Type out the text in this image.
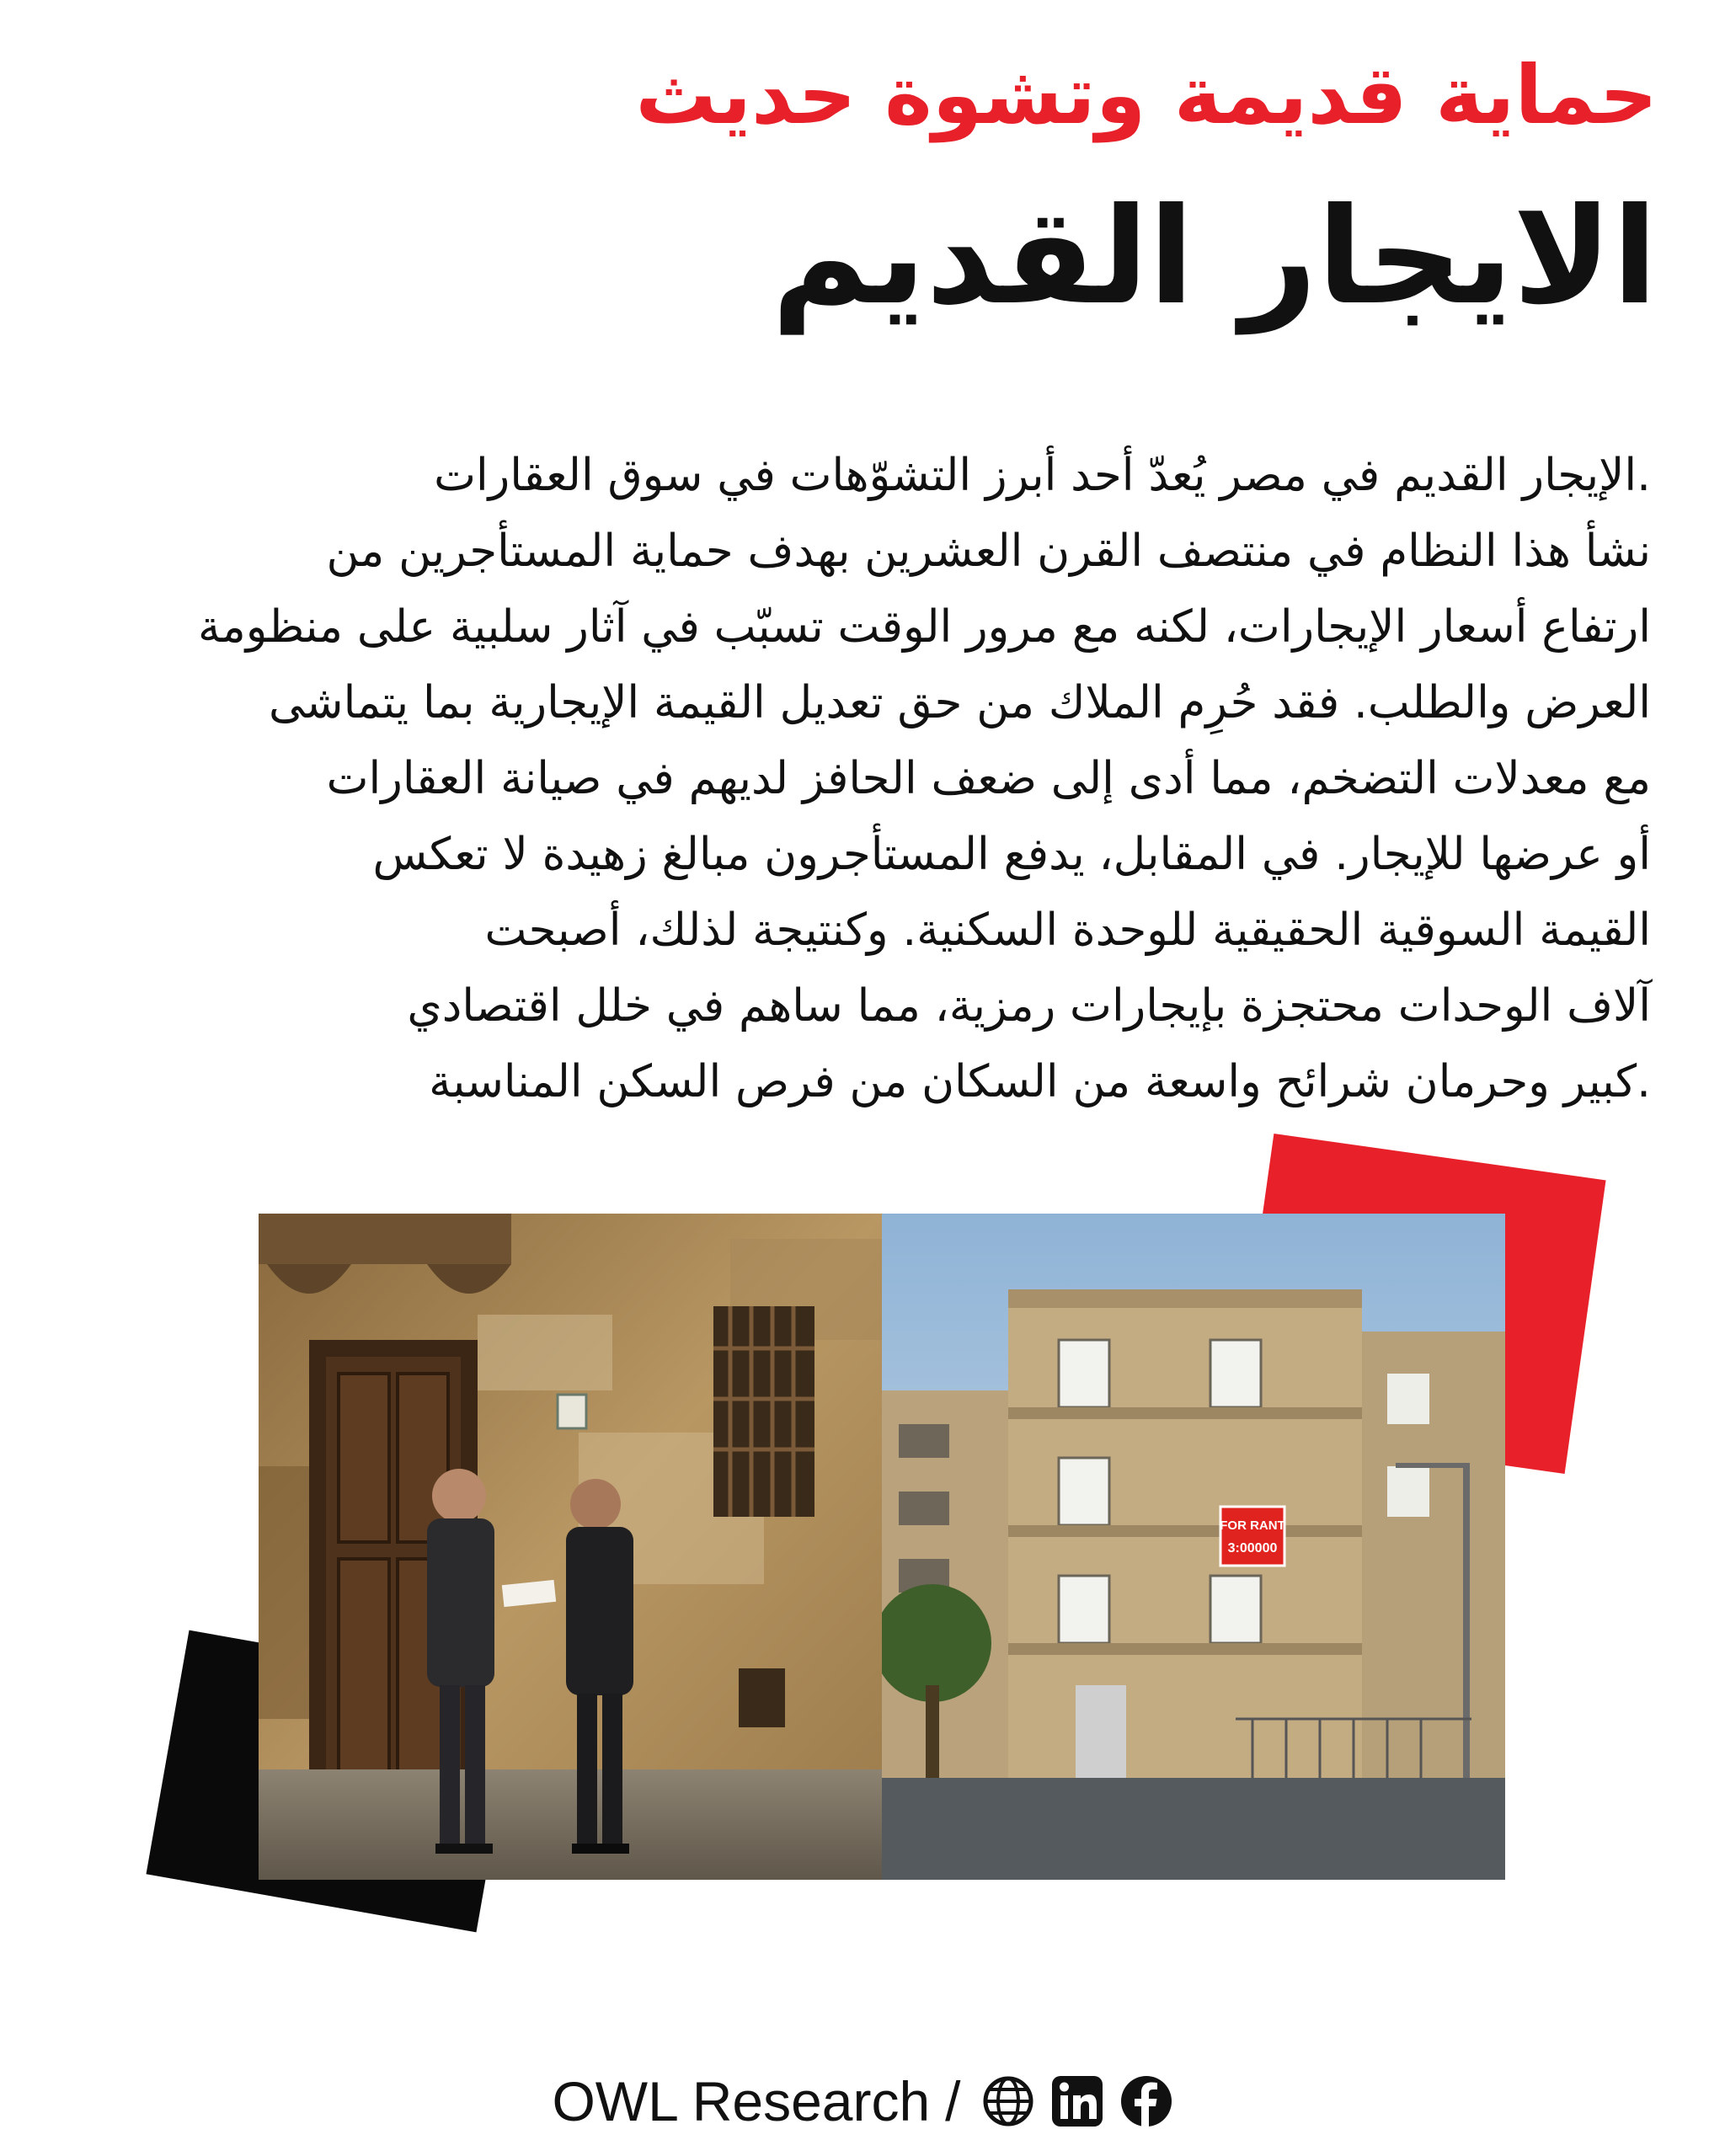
حماية قديمة وتشوة حديث
الايجار القديم
.الإيجار القديم في مصر يُعدّ أحد أبرز التشوّهات في سوق العقارات
نشأ هذا النظام في منتصف القرن العشرين بهدف حماية المستأجرين من
ارتفاع أسعار الإيجارات، لكنه مع مرور الوقت تسبّب في آثار سلبية على منظومة
العرض والطلب. فقد حُرِم الملاك من حق تعديل القيمة الإيجارية بما يتماشى
مع معدلات التضخم، مما أدى إلى ضعف الحافز لديهم في صيانة العقارات
أو عرضها للإيجار. في المقابل، يدفع المستأجرون مبالغ زهيدة لا تعكس
القيمة السوقية الحقيقية للوحدة السكنية. وكنتيجة لذلك، أصبحت
آلاف الوحدات محتجزة بإيجارات رمزية، مما ساهم في خلل اقتصادي
.كبير وحرمان شرائح واسعة من السكان من فرص السكن المناسبة
FOR RANT
3:00000
OWL Research /
